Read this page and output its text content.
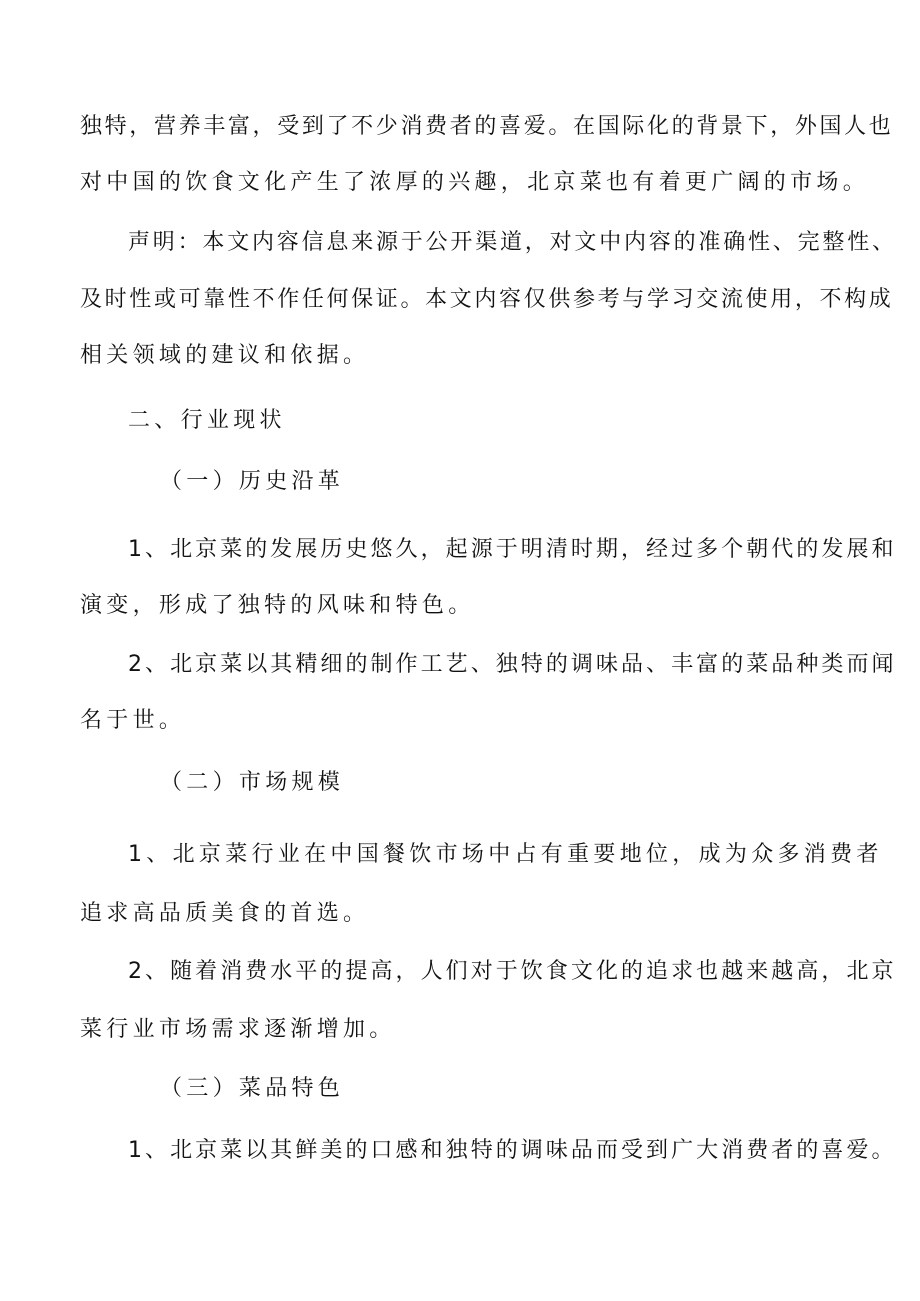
独特，营养丰富，受到了不少消费者的喜爱。在国际化的背景下，外国人也
对中国的饮食文化产生了浓厚的兴趣，北京菜也有着更广阔的市场。
声明：本文内容信息来源于公开渠道，对文中内容的准确性、完整性、
及时性或可靠性不作任何保证。本文内容仅供参考与学习交流使用，不构成
相关领域的建议和依据。
二、行业现状
（一）历史沿革
1、北京菜的发展历史悠久，起源于明清时期，经过多个朝代的发展和
演变，形成了独特的风味和特色。
2、北京菜以其精细的制作工艺、独特的调味品、丰富的菜品种类而闻
名于世。
（二）市场规模
1、北京菜行业在中国餐饮市场中占有重要地位，成为众多消费者
追求高品质美食的首选。
2、随着消费水平的提高，人们对于饮食文化的追求也越来越高，北京
菜行业市场需求逐渐增加。
（三）菜品特色
1、北京菜以其鲜美的口感和独特的调味品而受到广大消费者的喜爱。
